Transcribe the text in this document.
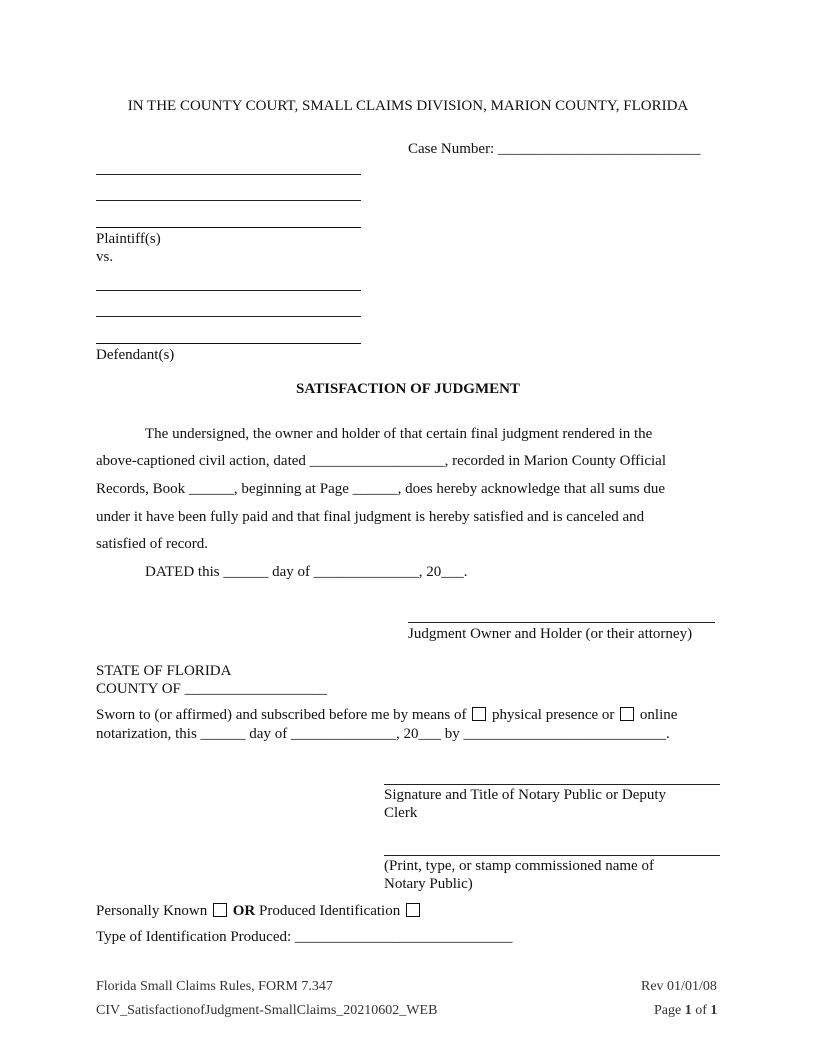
IN THE COUNTY COURT, SMALL CLAIMS DIVISION, MARION COUNTY, FLORIDA
Case Number: ___________________________
Plaintiff(s)
vs.
Defendant(s)
SATISFACTION OF JUDGMENT
The undersigned, the owner and holder of that certain final judgment rendered in the
above-captioned civil action, dated __________________, recorded in Marion County Official
Records, Book ______, beginning at Page ______, does hereby acknowledge that all sums due
under it have been fully paid and that final judgment is hereby satisfied and is canceled and
satisfied of record.
DATED this ______ day of ______________, 20___.
Judgment Owner and Holder (or their attorney)
STATE OF FLORIDA
COUNTY OF ___________________
Sworn to (or affirmed) and subscribed before me by means of physical presence or online
notarization, this ______ day of ______________, 20___ by ___________________________.
Signature and Title of Notary Public or Deputy
Clerk
(Print, type, or stamp commissioned name of
Notary Public)
Personally Known OR Produced Identification
Type of Identification Produced: _____________________________
Florida Small Claims Rules, FORM 7.347	Rev 01/01/08
CIV_SatisfactionofJudgment-SmallClaims_20210602_WEB	Page 1 of 1
